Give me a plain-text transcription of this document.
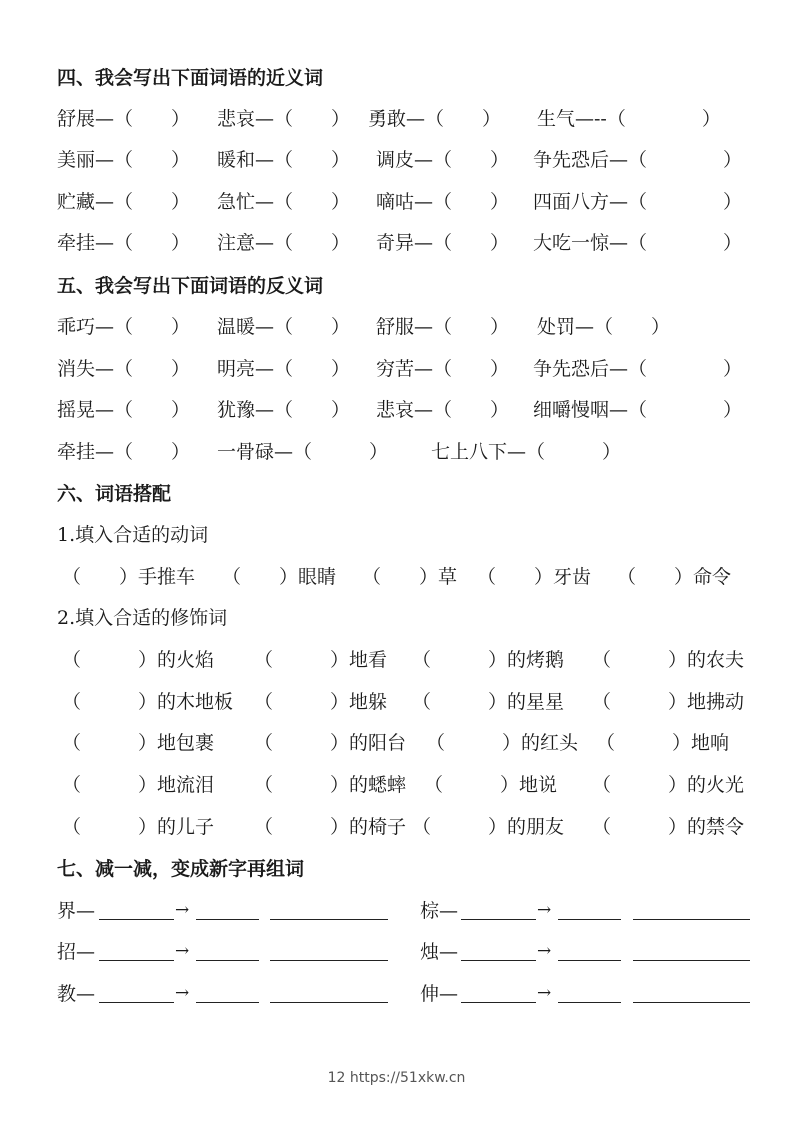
四、我会写出下面词语的近义词
舒展—（　　） 悲哀—（　　） 勇敢—（　　） 生气—--（　　　　）
美丽—（　　） 暖和—（　　） 调皮—（　　） 争先恐后—（　　　　）
贮藏—（　　） 急忙—（　　） 嘀咕—（　　） 四面八方—（　　　　）
牵挂—（　　） 注意—（　　） 奇异—（　　） 大吃一惊—（　　　　）
五、我会写出下面词语的反义词
乖巧—（　　） 温暖—（　　） 舒服—（　　） 处罚—（　　）
消失—（　　） 明亮—（　　） 穷苦—（　　） 争先恐后—（　　　　）
摇晃—（　　） 犹豫—（　　） 悲哀—（　　） 细嚼慢咽—（　　　　）
牵挂—（　　） 一骨碌—（　　　） 七上八下—（　　　）
六、词语搭配
1.填入合适的动词
（　　）手推车 （　　）眼睛 （　　）草 （　　）牙齿 （　　）命令
2.填入合适的修饰词
（　　　）的火焰 （　　　）地看 （　　　）的烤鹅 （　　　）的农夫
（　　　）的木地板 （　　　）地躲 （　　　）的星星 （　　　）地拂动
（　　　）地包裹 （　　　）的阳台 （　　　）的红头 （　　　）地响
（　　　）地流泪 （　　　）的蟋蟀 （　　　）地说 （　　　）的火光
（　　　）的儿子 （　　　）的椅子 （　　　）的朋友 （　　　）的禁令
七、减一减，变成新字再组词
界—	→	棕—	→
招—	→	烛—	→
教—	→	伸—	→
12 https://51xkw.cn
